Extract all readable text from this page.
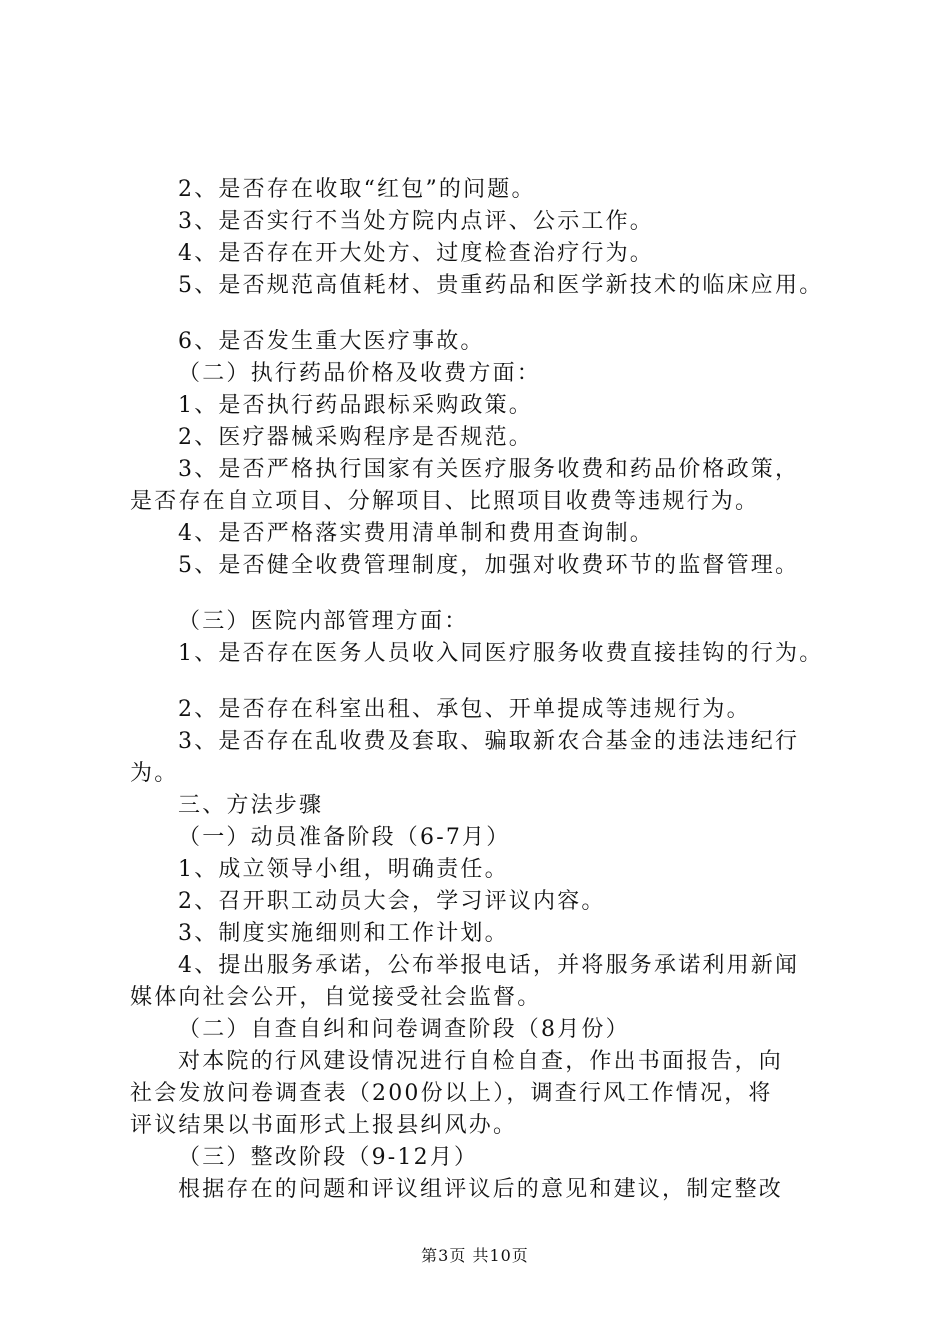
2、是否存在收取“红包”的问题。
3、是否实行不当处方院内点评、公示工作。
4、是否存在开大处方、过度检查治疗行为。
5、是否规范高值耗材、贵重药品和医学新技术的临床应用。
6、是否发生重大医疗事故。
（二）执行药品价格及收费方面：
1、是否执行药品跟标采购政策。
2、医疗器械采购程序是否规范。
3、是否严格执行国家有关医疗服务收费和药品价格政策，
是否存在自立项目、分解项目、比照项目收费等违规行为。
4、是否严格落实费用清单制和费用查询制。
5、是否健全收费管理制度，加强对收费环节的监督管理。
（三）医院内部管理方面：
1、是否存在医务人员收入同医疗服务收费直接挂钩的行为。
2、是否存在科室出租、承包、开单提成等违规行为。
3、是否存在乱收费及套取、骗取新农合基金的违法违纪行
为。
三、方法步骤
（一）动员准备阶段（6-7月）
1、成立领导小组，明确责任。
2、召开职工动员大会，学习评议内容。
3、制度实施细则和工作计划。
4、提出服务承诺，公布举报电话，并将服务承诺利用新闻
媒体向社会公开，自觉接受社会监督。
（二）自查自纠和问卷调查阶段（8月份）
对本院的行风建设情况进行自检自查，作出书面报告，向
社会发放问卷调查表（200份以上），调查行风工作情况，将
评议结果以书面形式上报县纠风办。
（三）整改阶段（9-12月）
根据存在的问题和评议组评议后的意见和建议，制定整改
第3页 共10页
